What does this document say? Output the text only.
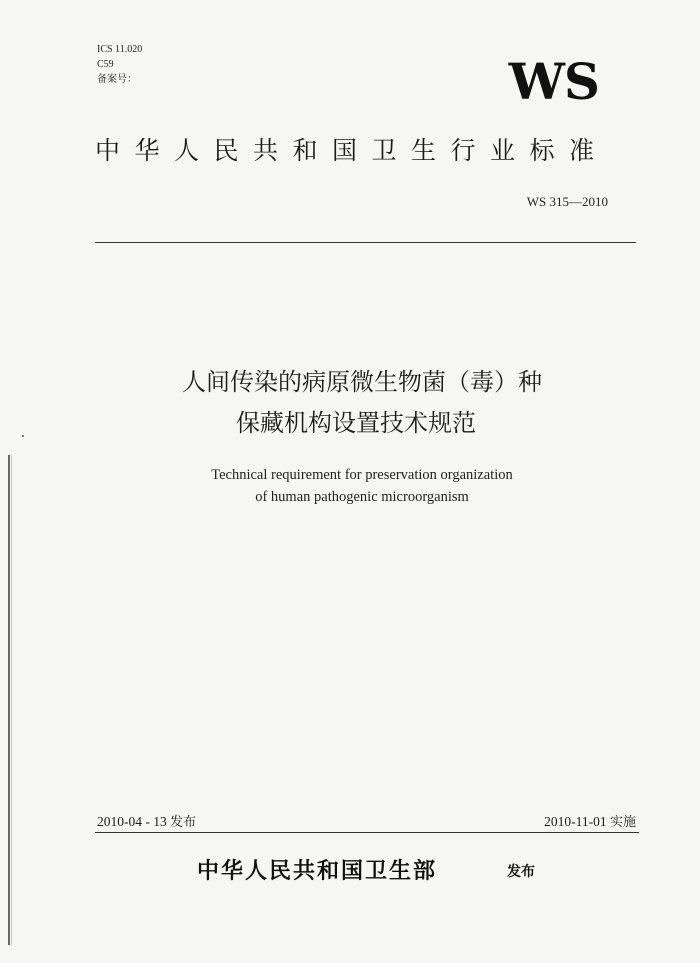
ICS 11.020
C59
备案号：	WS
中华人民共和国卫生行业标准
WS 315—2010
人间传染的病原微生物菌（毒）种
保藏机构设置技术规范
Technical requirement for preservation organization
of human pathogenic microorganism
2010-04 - 13 发布	2010-11-01 实施
中华人民共和国卫生部	发布
